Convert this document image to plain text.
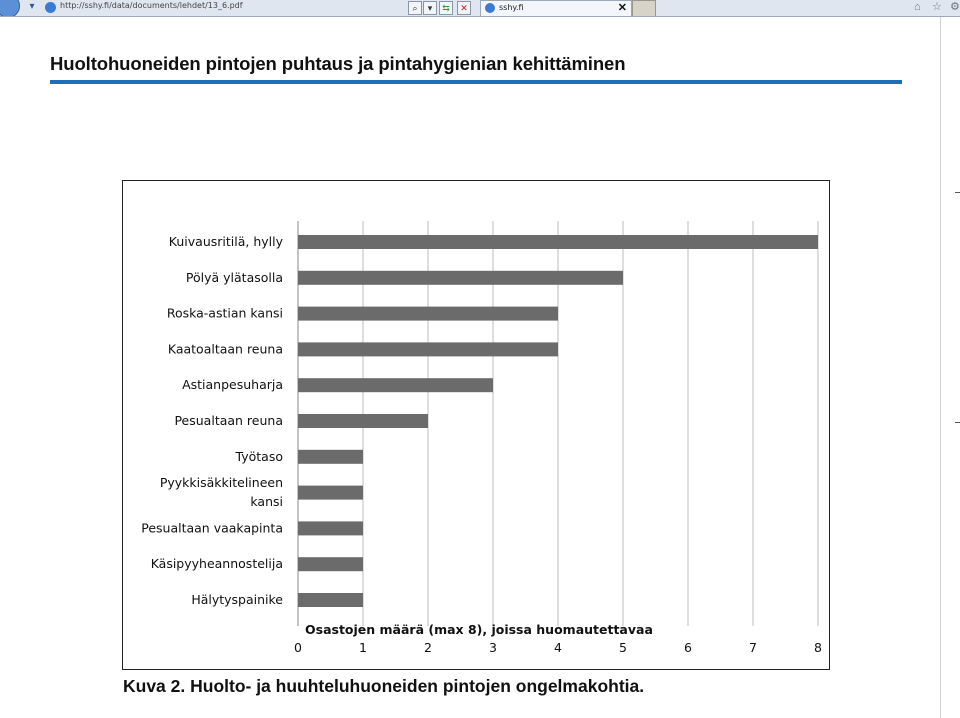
▾	http://sshy.fi/data/documents/lehdet/13_6.pdf	⌕	▾	⇆	✕	sshy.fi	✕	⌂ ☆ ⚙
Huoltohuoneiden pintojen puhtaus ja pintahygienian kehittäminen
Kuivausritilä, hylly
Pölyä ylätasolla
Roska-astian kansi
Kaatoaltaan reuna
Astianpesuharja
Pesualtaan reuna
Työtaso
Pyykkisäkkitelineen kansi
Pesualtaan vaakapinta
Käsipyyheannostelija
Hälytyspainike
Osastojen määrä (max 8), joissa huomautettavaa
0	1	2	3	4	5	6	7	8
Kuva 2. Huolto- ja huuhteluhuoneiden pintojen ongelmakohtia.
